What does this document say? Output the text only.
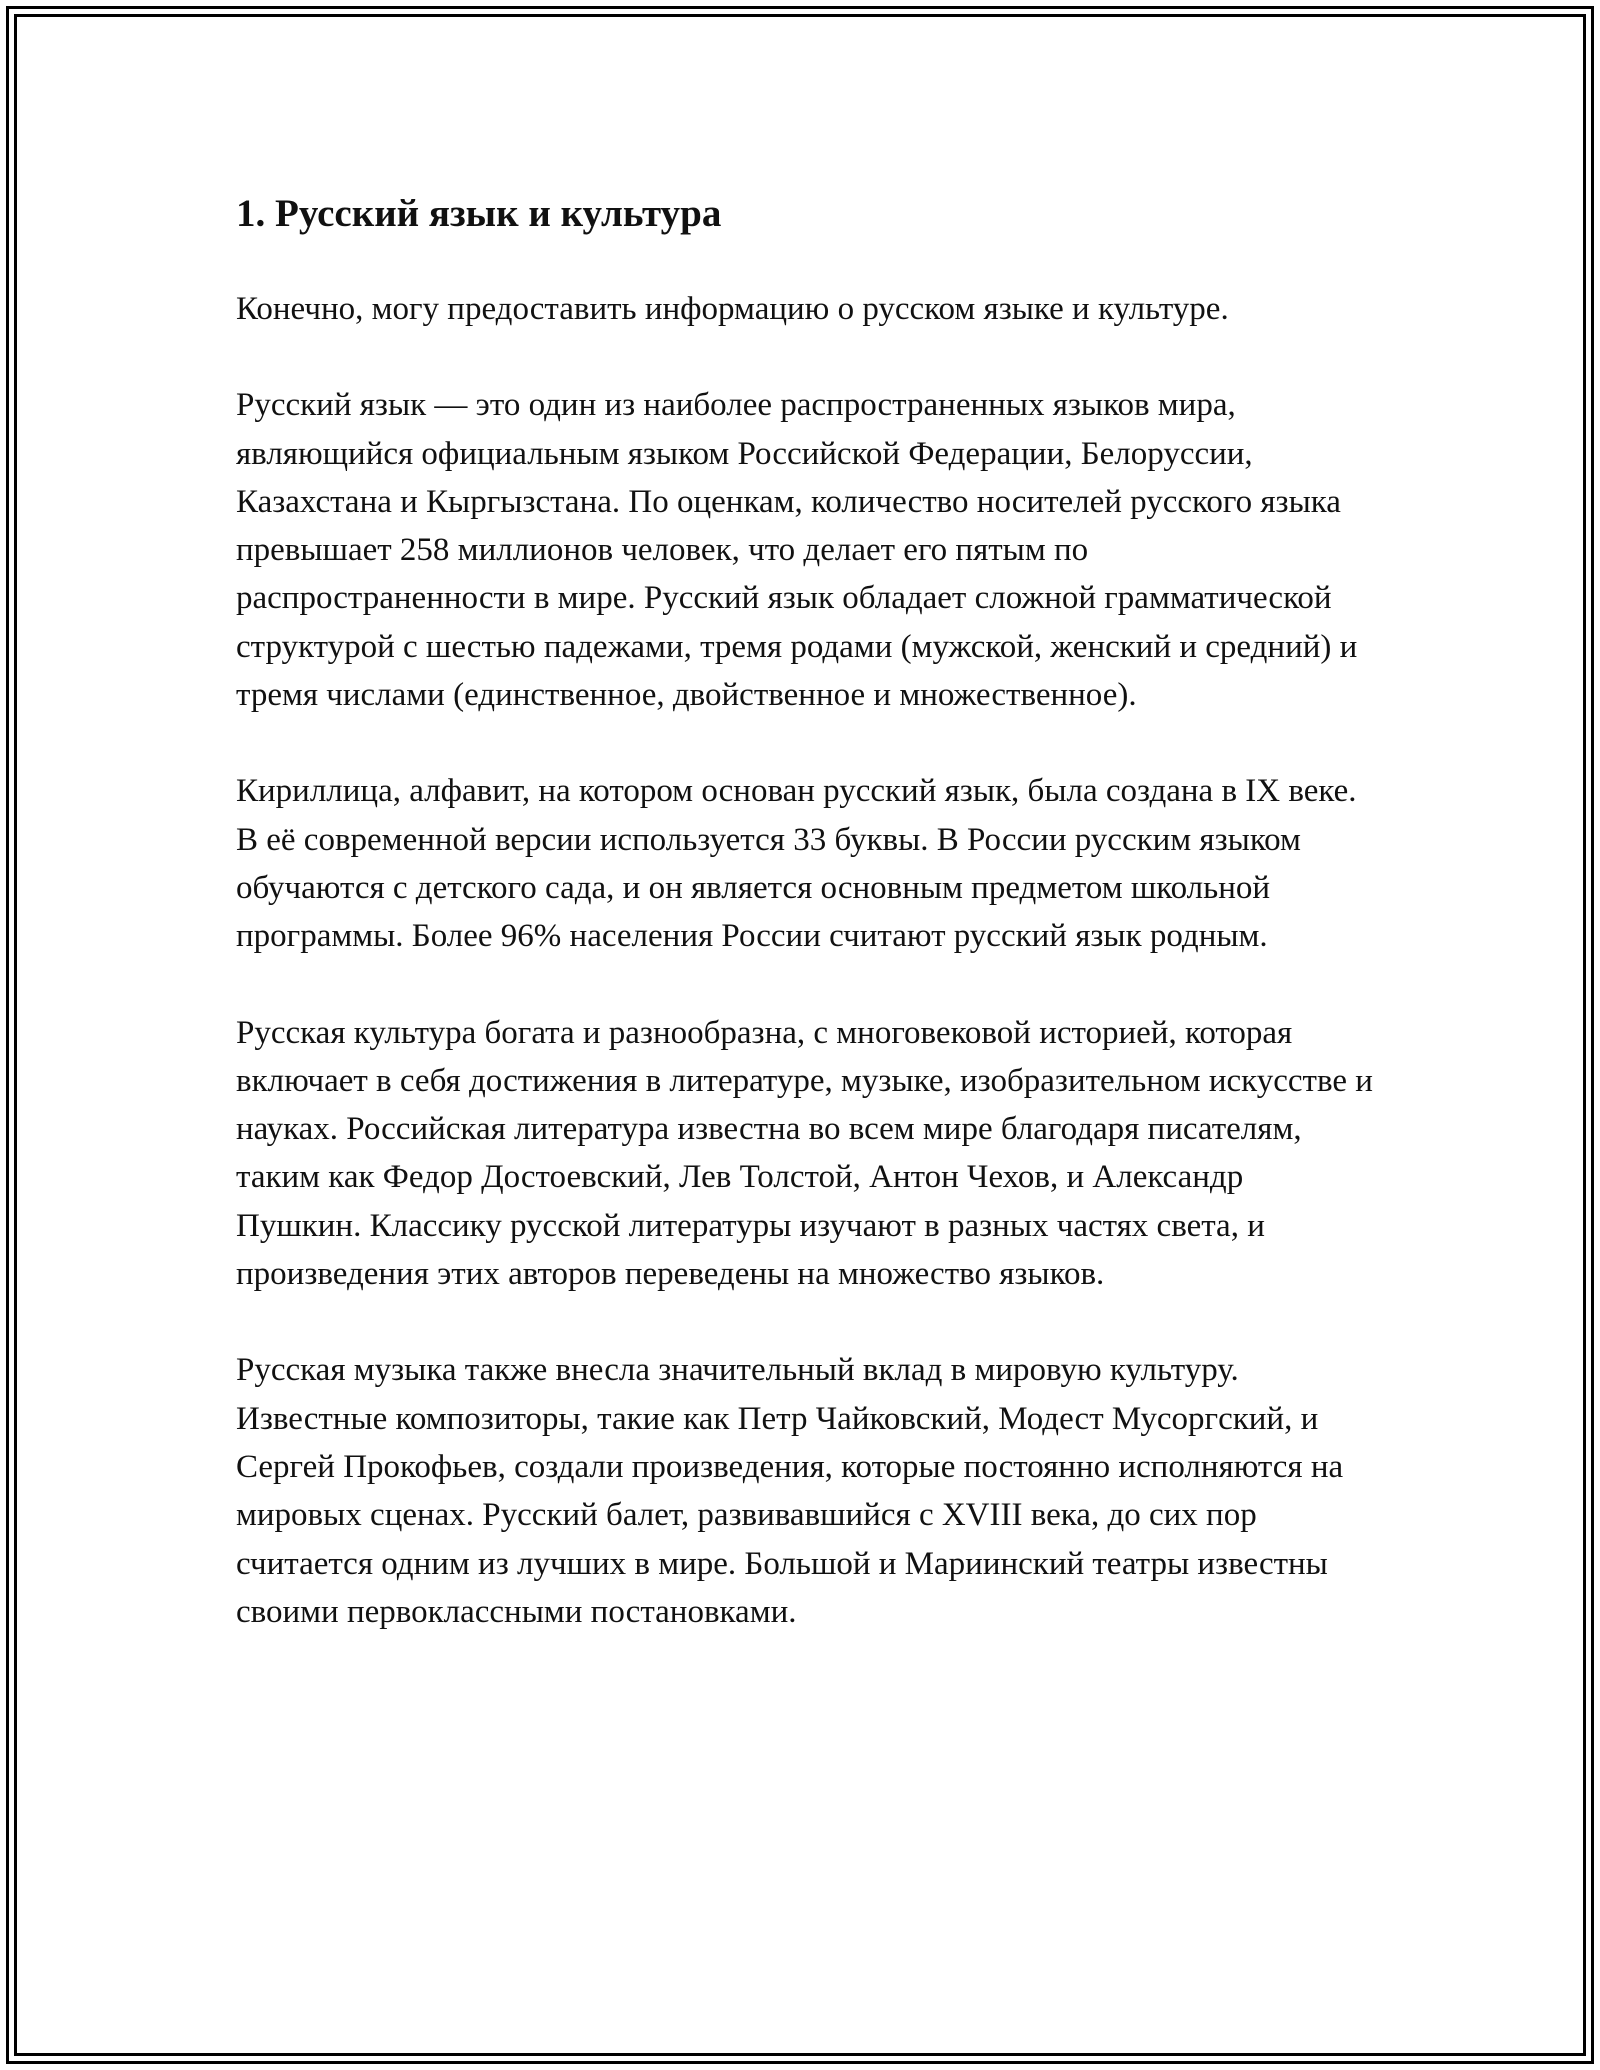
1. Русский язык и культура

Конечно, могу предоставить информацию о русском языке и культуре.

Русский язык — это один из наиболее распространенных языков мира, являющийся официальным языком Российской Федерации, Белоруссии, Казахстана и Кыргызстана. По оценкам, количество носителей русского языка превышает 258 миллионов человек, что делает его пятым по распространенности в мире. Русский язык обладает сложной грамматической структурой с шестью падежами, тремя родами (мужской, женский и средний) и тремя числами (единственное, двойственное и множественное).

Кириллица, алфавит, на котором основан русский язык, была создана в IX веке. В её современной версии используется 33 буквы. В России русским языком обучаются с детского сада, и он является основным предметом школьной программы. Более 96% населения России считают русский язык родным.

Русская культура богата и разнообразна, с многовековой историей, которая включает в себя достижения в литературе, музыке, изобразительном искусстве и науках. Российская литература известна во всем мире благодаря писателям, таким как Федор Достоевский, Лев Толстой, Антон Чехов, и Александр Пушкин. Классику русской литературы изучают в разных частях света, и произведения этих авторов переведены на множество языков.

Русская музыка также внесла значительный вклад в мировую культуру. Известные композиторы, такие как Петр Чайковский, Модест Мусоргский, и Сергей Прокофьев, создали произведения, которые постоянно исполняются на мировых сценах. Русский балет, развивавшийся с XVIII века, до сих пор считается одним из лучших в мире. Большой и Мариинский театры известны своими первоклассными постановками.
